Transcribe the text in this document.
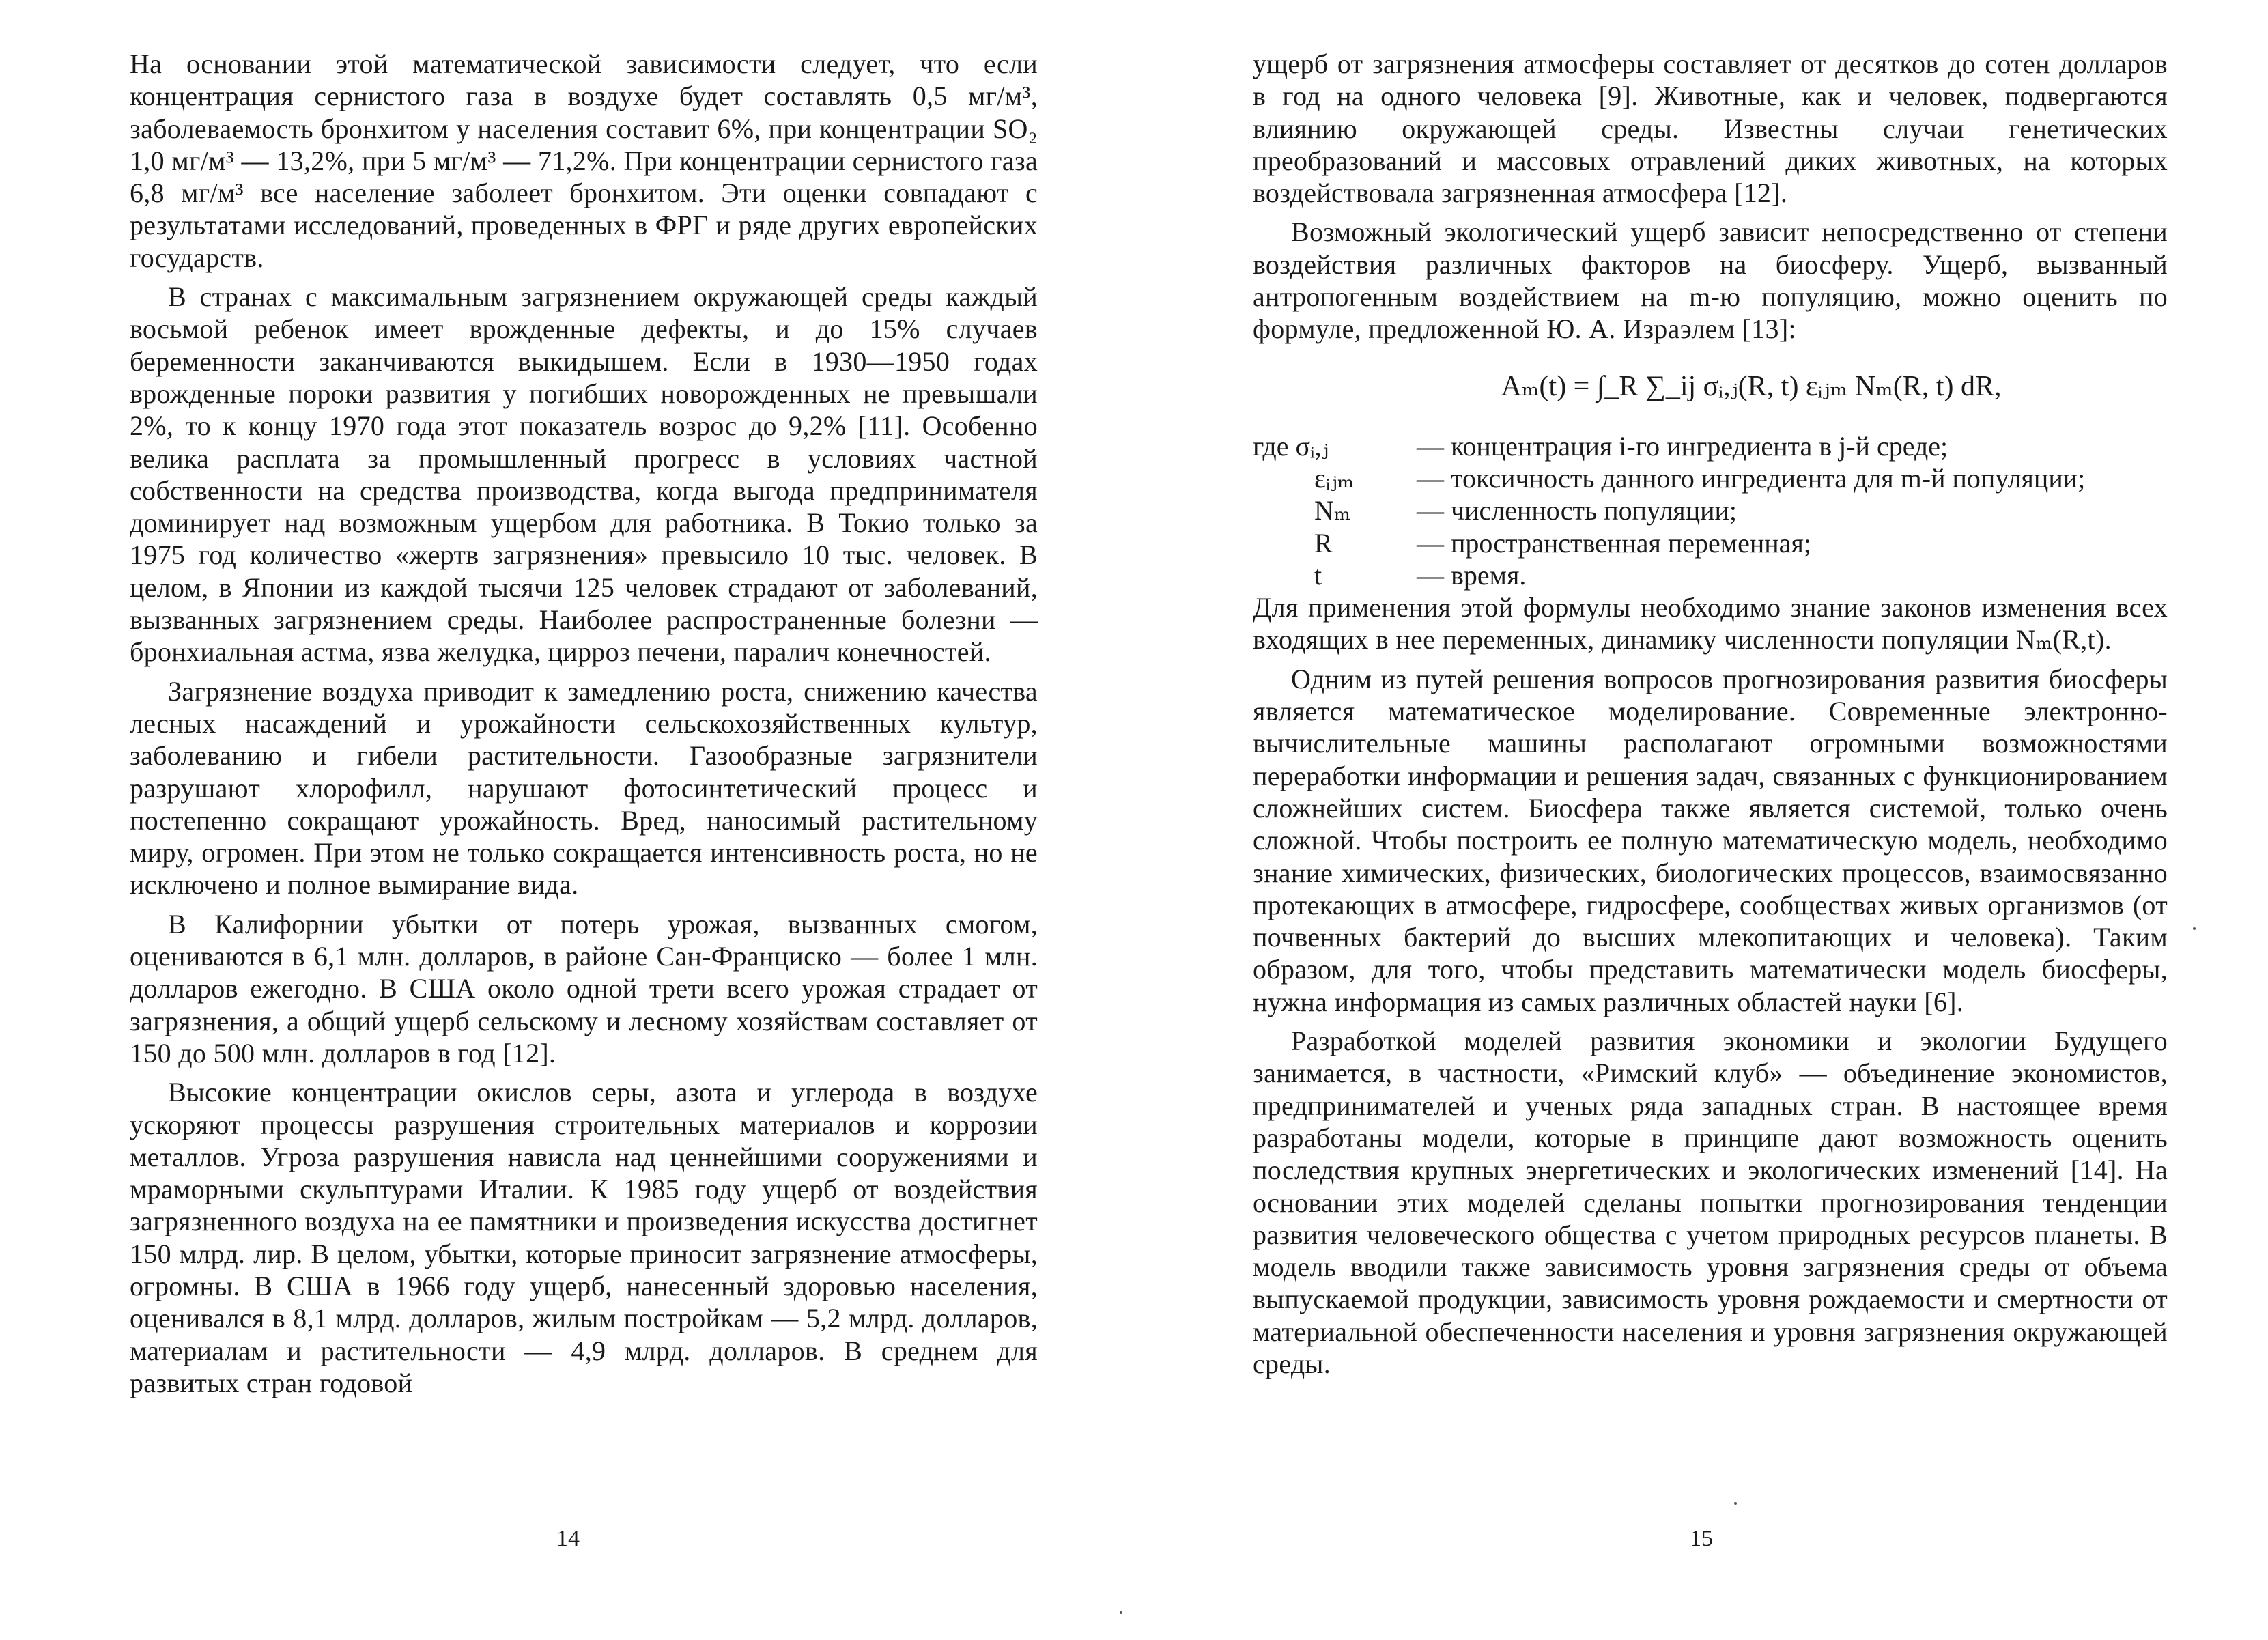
На основании этой математической зависимости следует, что если концентрация сернистого газа в воздухе будет составлять 0,5 мг/м³, заболеваемость бронхитом у населения составит 6%, при концентрации SO₂ 1,0 мг/м³ — 13,2%, при 5 мг/м³ — 71,2%. При концентрации сернистого газа 6,8 мг/м³ все население заболеет бронхитом. Эти оценки совпадают с результатами исследований, проведенных в ФРГ и ряде других европейских государств.

В странах с максимальным загрязнением окружающей среды каждый восьмой ребенок имеет врожденные дефекты, и до 15% случаев беременности заканчиваются выкидышем. Если в 1930—1950 годах врожденные пороки развития у погибших новорожденных не превышали 2%, то к концу 1970 года этот показатель возрос до 9,2% [11]. Особенно велика расплата за промышленный прогресс в условиях частной собственности на средства производства, когда выгода предпринимателя доминирует над возможным ущербом для работника. В Токио только за 1975 год количество «жертв загрязнения» превысило 10 тыс. человек. В целом, в Японии из каждой тысячи 125 человек страдают от заболеваний, вызванных загрязнением среды. Наиболее распространенные болезни — бронхиальная астма, язва желудка, цирроз печени, паралич конечностей.

Загрязнение воздуха приводит к замедлению роста, снижению качества лесных насаждений и урожайности сельскохозяйственных культур, заболеванию и гибели растительности. Газообразные загрязнители разрушают хлорофилл, нарушают фотосинтетический процесс и постепенно сокращают урожайность. Вред, наносимый растительному миру, огромен. При этом не только сокращается интенсивность роста, но не исключено и полное вымирание вида.

В Калифорнии убытки от потерь урожая, вызванных смогом, оцениваются в 6,1 млн. долларов, в районе Сан-Франциско — более 1 млн. долларов ежегодно. В США около одной трети всего урожая страдает от загрязнения, а общий ущерб сельскому и лесному хозяйствам составляет от 150 до 500 млн. долларов в год [12].

Высокие концентрации окислов серы, азота и углерода в воздухе ускоряют процессы разрушения строительных материалов и коррозии металлов. Угроза разрушения нависла над ценнейшими сооружениями и мраморными скульптурами Италии. К 1985 году ущерб от воздействия загрязненного воздуха на ее памятники и произведения искусства достигнет 150 млрд. лир. В целом, убытки, которые приносит загрязнение атмосферы, огромны. В США в 1966 году ущерб, нанесенный здоровью населения, оценивался в 8,1 млрд. долларов, жилым постройкам — 5,2 млрд. долларов, материалам и растительности — 4,9 млрд. долларов. В среднем для развитых стран годовой

14

ущерб от загрязнения атмосферы составляет от десятков до сотен долларов в год на одного человека [9]. Животные, как и человек, подвергаются влиянию окружающей среды. Известны случаи генетических преобразований и массовых отравлений диких животных, на которых воздействовала загрязненная атмосфера [12].

Возможный экологический ущерб зависит непосредственно от степени воздействия различных факторов на биосферу. Ущерб, вызванный антропогенным воздействием на m-ю популяцию, можно оценить по формуле, предложенной Ю. А. Израэлем [13]:

Aₘ(t) = ∫_R ∑_ij σᵢ,ⱼ(R, t) εᵢⱼₘ Nₘ(R, t) dR,
где σᵢ,ⱼ	— концентрация i-го ингредиента в j-й среде;
εᵢⱼₘ	— токсичность данного ингредиента для m-й популяции;
Nₘ	— численность популяции;
R	— пространственная переменная;
t	— время.

Для применения этой формулы необходимо знание законов изменения всех входящих в нее переменных, динамику численности популяции Nₘ(R,t).

Одним из путей решения вопросов прогнозирования развития биосферы является математическое моделирование. Современные электронно-вычислительные машины располагают огромными возможностями переработки информации и решения задач, связанных с функционированием сложнейших систем. Биосфера также является системой, только очень сложной. Чтобы построить ее полную математическую модель, необходимо знание химических, физических, биологических процессов, взаимосвязанно протекающих в атмосфере, гидросфере, сообществах живых организмов (от почвенных бактерий до высших млекопитающих и человека). Таким образом, для того, чтобы представить математически модель биосферы, нужна информация из самых различных областей науки [6].

Разработкой моделей развития экономики и экологии Будущего занимается, в частности, «Римский клуб» — объединение экономистов, предпринимателей и ученых ряда западных стран. В настоящее время разработаны модели, которые в принципе дают возможность оценить последствия крупных энергетических и экологических изменений [14]. На основании этих моделей сделаны попытки прогнозирования тенденции развития человеческого общества с учетом природных ресурсов планеты. В модель вводили также зависимость уровня загрязнения среды от объема выпускаемой продукции, зависимость уровня рождаемости и смертности от материальной обеспеченности населения и уровня загрязнения окружающей среды.

15
